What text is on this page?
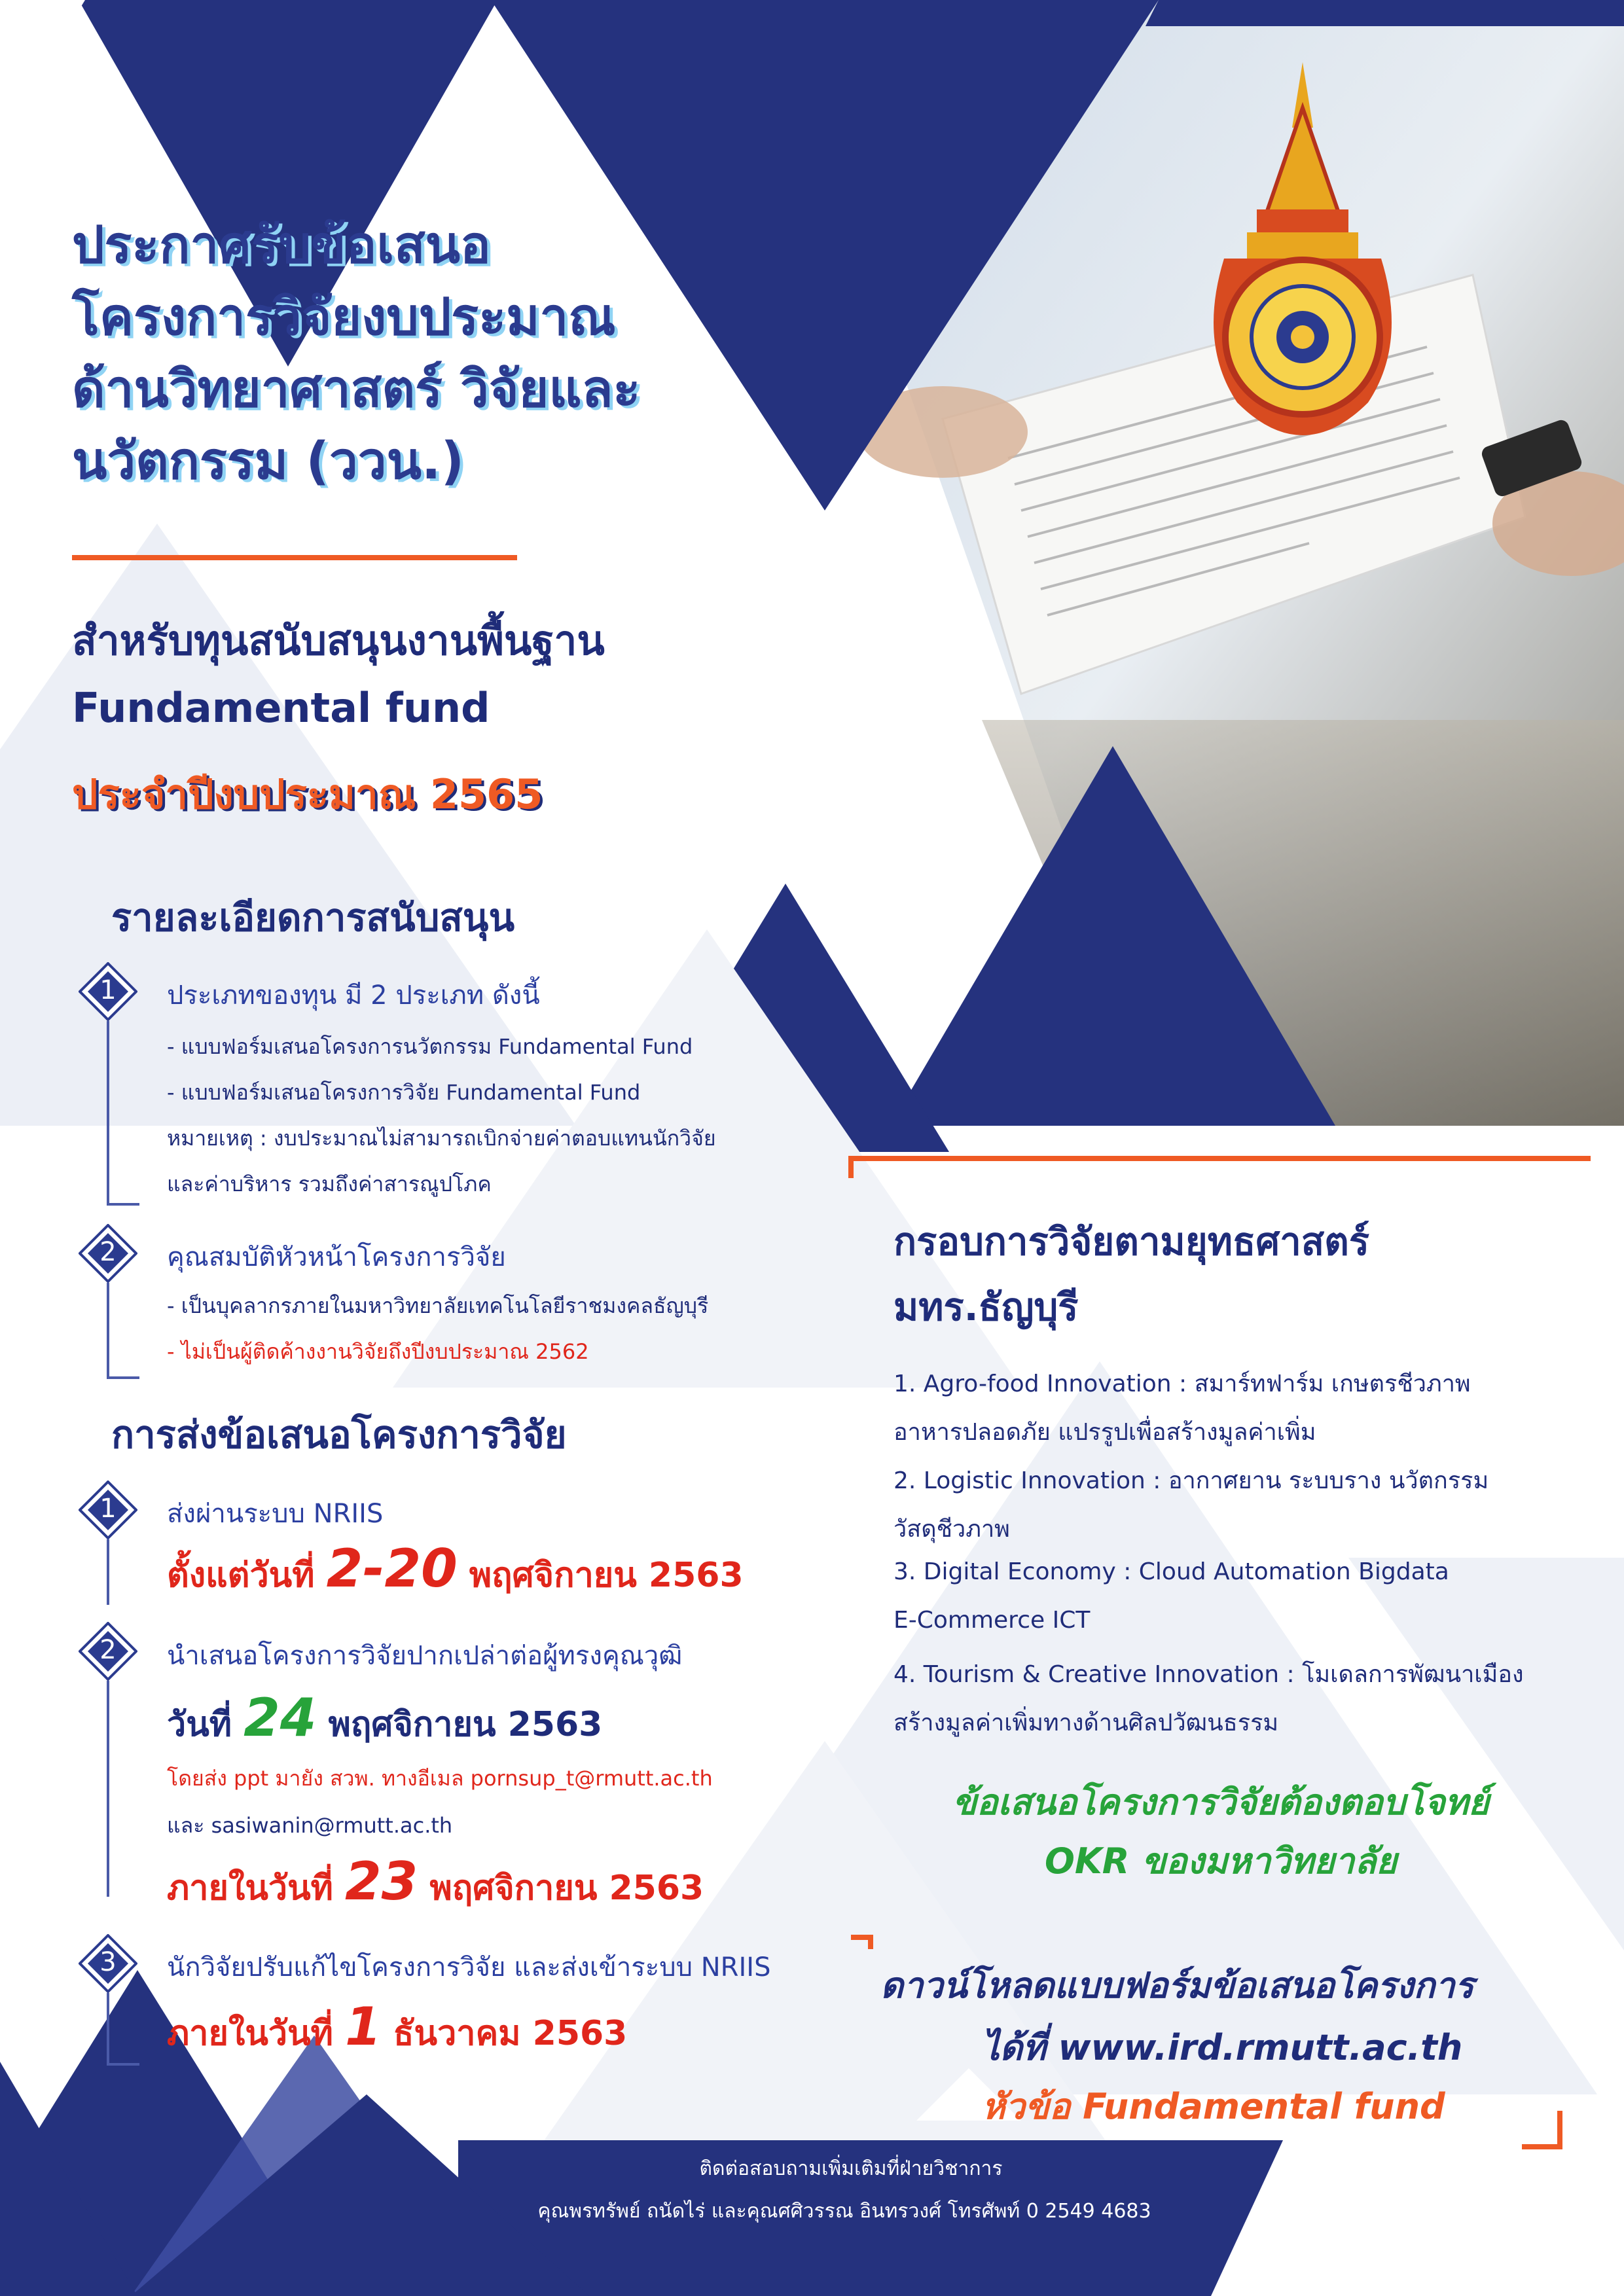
ประกาศรับข้อเสนอ
โครงการวิจัยงบประมาณ
ด้านวิทยาศาสตร์ วิจัยและ
นวัตกรรม (ววน.)
สำหรับทุนสนับสนุนงานพื้นฐาน
Fundamental fund
ประจำปีงบประมาณ 2565
รายละเอียดการสนับสนุน
1	ประเภทของทุน มี 2 ประเภท ดังนี้
- แบบฟอร์มเสนอโครงการนวัตกรรม Fundamental Fund
- แบบฟอร์มเสนอโครงการวิจัย Fundamental Fund
หมายเหตุ : งบประมาณไม่สามารถเบิกจ่ายค่าตอบแทนนักวิจัย
และค่าบริหาร รวมถึงค่าสารณูปโภค
2	คุณสมบัติหัวหน้าโครงการวิจัย
- เป็นบุคลากรภายในมหาวิทยาลัยเทคโนโลยีราชมงคลธัญบุรี
- ไม่เป็นผู้ติดค้างงานวิจัยถึงปีงบประมาณ 2562
การส่งข้อเสนอโครงการวิจัย
1	ส่งผ่านระบบ NRIIS
ตั้งแต่วันที่ 2-20 พฤศจิกายน 2563
2	นำเสนอโครงการวิจัยปากเปล่าต่อผู้ทรงคุณวุฒิ
วันที่ 24 พฤศจิกายน 2563
โดยส่ง ppt มายัง สวพ. ทางอีเมล pornsup_t@rmutt.ac.th
และ sasiwanin@rmutt.ac.th
ภายในวันที่ 23 พฤศจิกายน 2563
3	นักวิจัยปรับแก้ไขโครงการวิจัย และส่งเข้าระบบ NRIIS
ภายในวันที่ 1 ธันวาคม 2563
กรอบการวิจัยตามยุทธศาสตร์
มทร.ธัญบุรี
1. Agro-food Innovation : สมาร์ทฟาร์ม เกษตรชีวภาพ
อาหารปลอดภัย แปรรูปเพื่อสร้างมูลค่าเพิ่ม
2. Logistic Innovation : อากาศยาน ระบบราง นวัตกรรม
วัสดุชีวภาพ
3. Digital Economy : Cloud Automation Bigdata
E-Commerce ICT
4. Tourism & Creative Innovation : โมเดลการพัฒนาเมือง
สร้างมูลค่าเพิ่มทางด้านศิลปวัฒนธรรม
ข้อเสนอโครงการวิจัยต้องตอบโจทย์
OKR ของมหาวิทยาลัย
ดาวน์โหลดแบบฟอร์มข้อเสนอโครงการ
ได้ที่ www.ird.rmutt.ac.th
หัวข้อ Fundamental fund
ติดต่อสอบถามเพิ่มเติมที่ฝ่ายวิชาการ
คุณพรทรัพย์ ถนัดไร่ และคุณศศิวรรณ อินทรวงศ์ โทรศัพท์ 0 2549 4683
